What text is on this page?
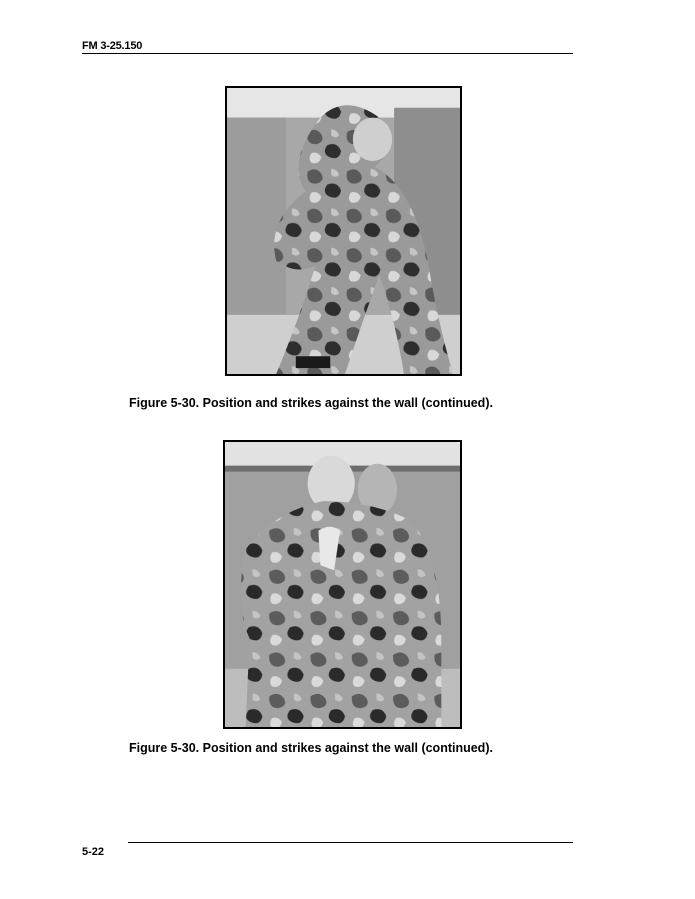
FM 3-25.150
Figure 5-30. Position and strikes against the wall (continued).
Figure 5-30. Position and strikes against the wall (continued).
5-22
